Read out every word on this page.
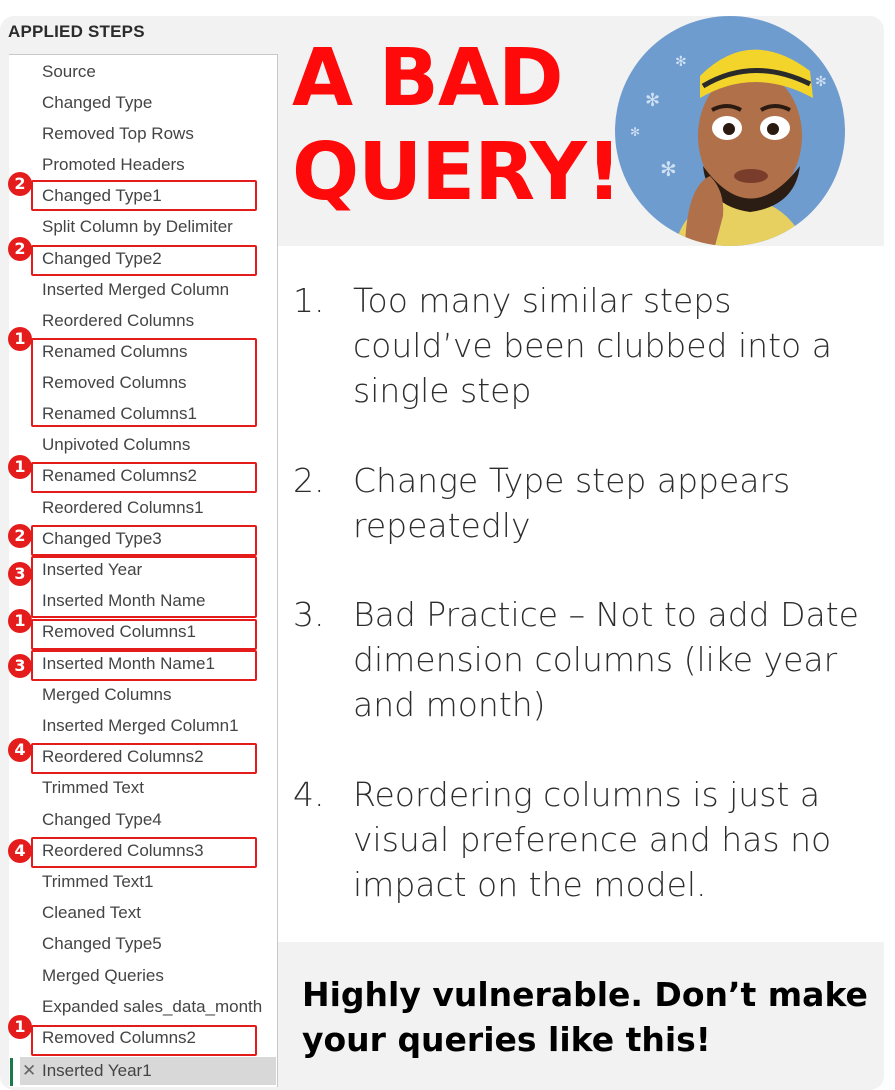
APPLIED STEPS
Source
Changed Type
Removed Top Rows
Promoted Headers
Changed Type1
Split Column by Delimiter
Changed Type2
Inserted Merged Column
Reordered Columns
Renamed Columns
Removed Columns
Renamed Columns1
Unpivoted Columns
Renamed Columns2
Reordered Columns1
Changed Type3
Inserted Year
Inserted Month Name
Removed Columns1
Inserted Month Name1
Merged Columns
Inserted Merged Column1
Reordered Columns2
Trimmed Text
Changed Type4
Reordered Columns3
Trimmed Text1
Cleaned Text
Changed Type5
Merged Queries
Expanded sales_data_month
Removed Columns2
✕ Inserted Year1
2
2
1
1
2
3
1
3
4
4
1
A BAD
QUERY!
✻
✻
✻
✻
✻
1. Too many similar steps could’ve been clubbed into a single step
2. Change Type step appears repeatedly
3. Bad Practice – Not to add Date dimension columns (like year and month)
4. Reordering columns is just a visual preference and has no impact on the model.
Highly vulnerable. Don’t make your queries like this!
